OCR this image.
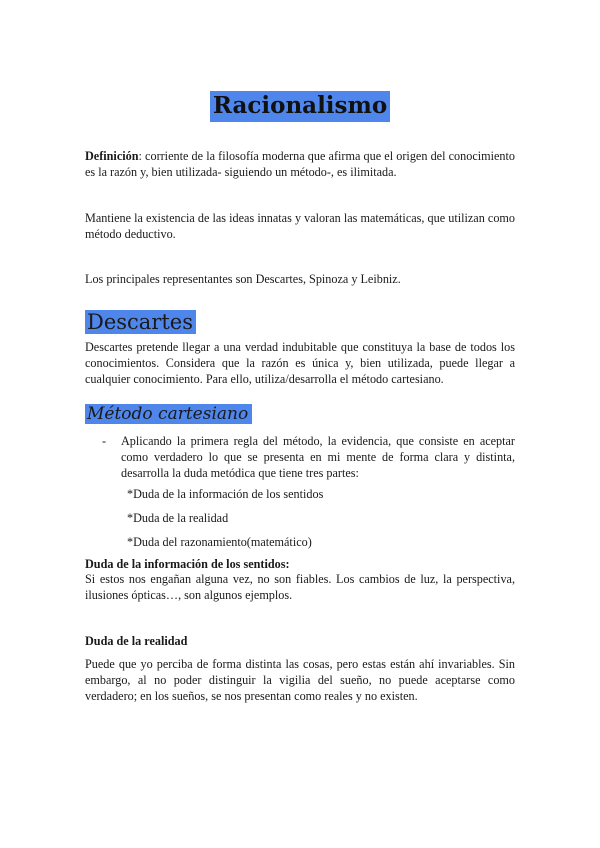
Racionalismo
Definición: corriente de la filosofía moderna que afirma que el origen del conocimiento es la razón y, bien utilizada- siguiendo un método-, es ilimitada.
Mantiene la existencia de las ideas innatas y valoran las matemáticas, que utilizan como método deductivo.
Los principales representantes son Descartes, Spinoza y Leibniz.
Descartes
Descartes pretende llegar a una verdad indubitable que constituya la base de todos los conocimientos. Considera que la razón es única y, bien utilizada, puede llegar a cualquier conocimiento. Para ello, utiliza/desarrolla el método cartesiano.
Método cartesiano
- Aplicando la primera regla del método, la evidencia, que consiste en aceptar como verdadero lo que se presenta en mi mente de forma clara y distinta, desarrolla la duda metódica que tiene tres partes:
*Duda de la información de los sentidos
*Duda de la realidad
*Duda del razonamiento(matemático)
Duda de la información de los sentidos:
Si estos nos engañan alguna vez, no son fiables. Los cambios de luz, la perspectiva, ilusiones ópticas…, son algunos ejemplos.
Duda de la realidad
Puede que yo perciba de forma distinta las cosas, pero estas están ahí invariables. Sin embargo, al no poder distinguir la vigilia del sueño, no puede aceptarse como verdadero; en los sueños, se nos presentan como reales y no existen.
